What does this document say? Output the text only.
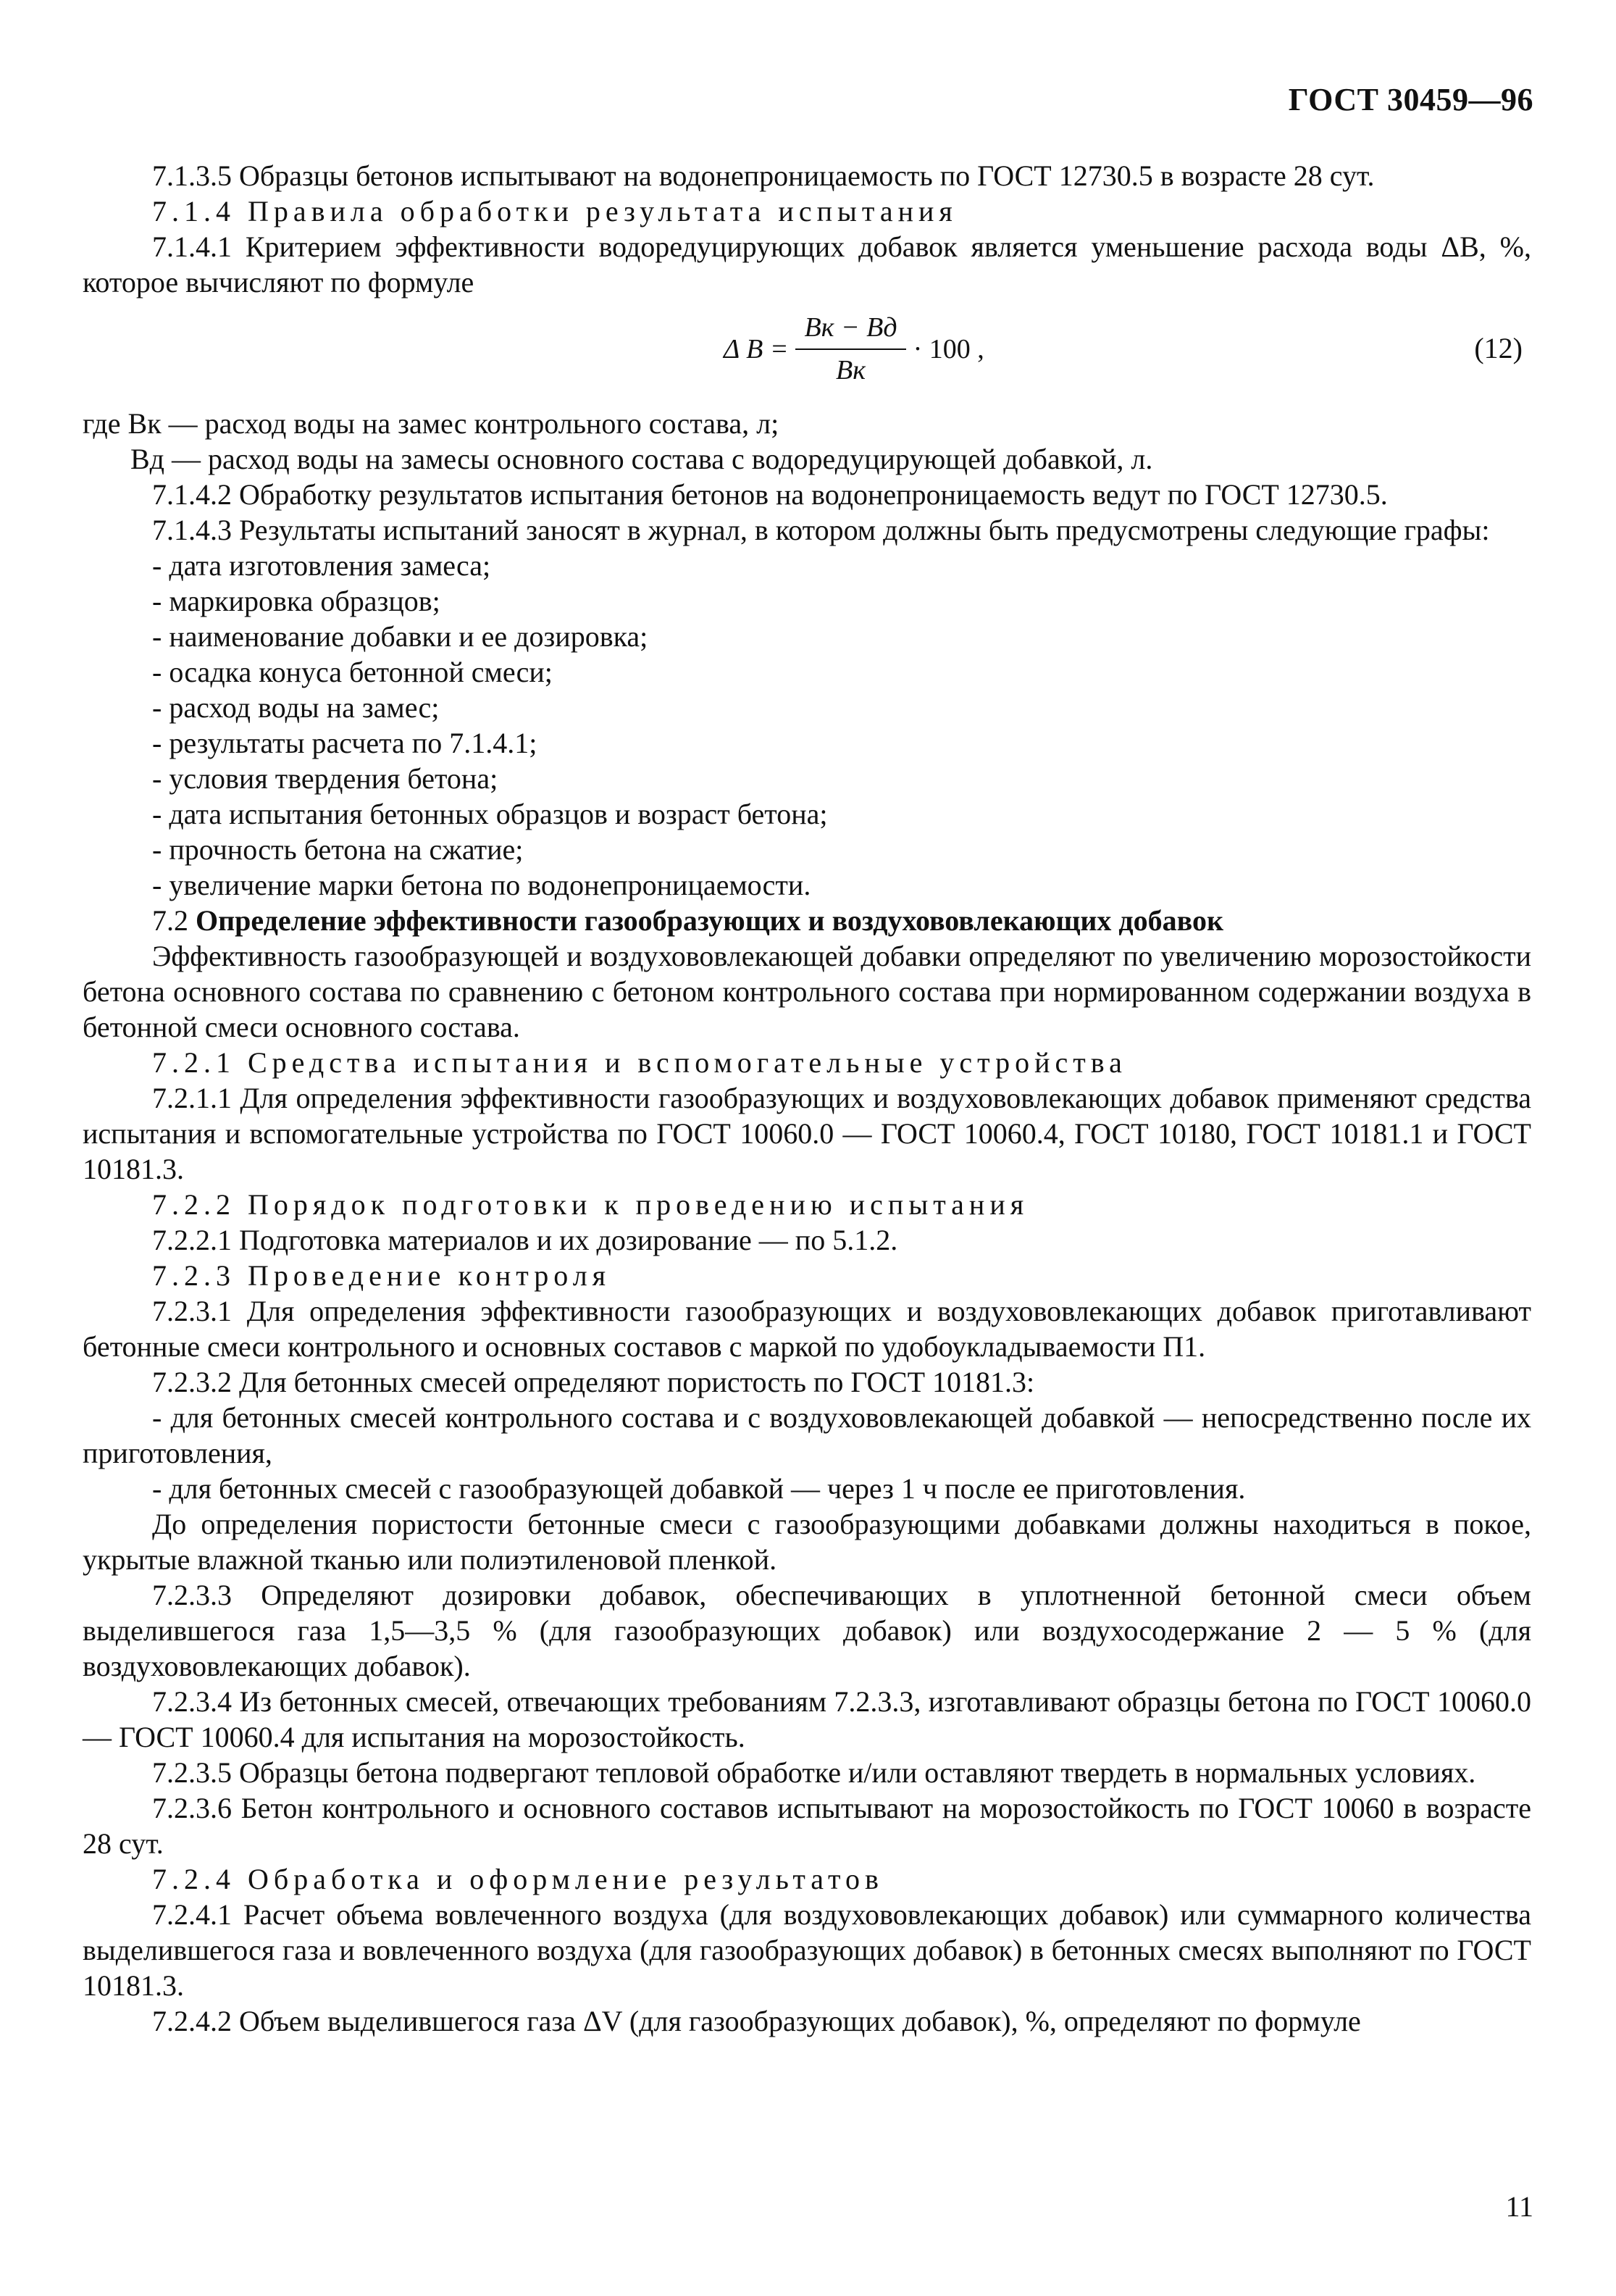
ГОСТ 30459—96

7.1.3.5 Образцы бетонов испытывают на водонепроницаемость по ГОСТ 12730.5 в возрасте 28 сут.

7.1.4 Правила обработки результата испытания

7.1.4.1 Критерием эффективности водоредуцирующих добавок является уменьшение расхода воды ΔB, %, которое вычисляют по формуле

Δ $B = \frac{Bк - Bд}{Bк} \cdot 100$ ,	(12)

где Bк — расход воды на замес контрольного состава, л;

Bд — расход воды на замесы основного состава с водоредуцирующей добавкой, л.

7.1.4.2 Обработку результатов испытания бетонов на водонепроницаемость ведут по ГОСТ 12730.5.

7.1.4.3 Результаты испытаний заносят в журнал, в котором должны быть предусмотрены следующие графы:

- дата изготовления замеса;
- маркировка образцов;
- наименование добавки и ее дозировка;
- осадка конуса бетонной смеси;
- расход воды на замес;
- результаты расчета по 7.1.4.1;
- условия твердения бетона;
- дата испытания бетонных образцов и возраст бетона;
- прочность бетона на сжатие;
- увеличение марки бетона по водонепроницаемости.

7.2 Определение эффективности газообразующих и воздухововлекающих добавок

Эффективность газообразующей и воздухововлекающей добавки определяют по увеличению морозостойкости бетона основного состава по сравнению с бетоном контрольного состава при нормированном содержании воздуха в бетонной смеси основного состава.

7.2.1 Средства испытания и вспомогательные устройства

7.2.1.1 Для определения эффективности газообразующих и воздухововлекающих добавок применяют средства испытания и вспомогательные устройства по ГОСТ 10060.0 — ГОСТ 10060.4, ГОСТ 10180, ГОСТ 10181.1 и ГОСТ 10181.3.

7.2.2 Порядок подготовки к проведению испытания

7.2.2.1 Подготовка материалов и их дозирование — по 5.1.2.

7.2.3 Проведение контроля

7.2.3.1 Для определения эффективности газообразующих и воздухововлекающих добавок приготавливают бетонные смеси контрольного и основных составов с маркой по удобоукладываемости П1.

7.2.3.2 Для бетонных смесей определяют пористость по ГОСТ 10181.3:

- для бетонных смесей контрольного состава и с воздухововлекающей добавкой — непосредственно после их приготовления,

- для бетонных смесей с газообразующей добавкой — через 1 ч после ее приготовления.

До определения пористости бетонные смеси с газообразующими добавками должны находиться в покое, укрытые влажной тканью или полиэтиленовой пленкой.

7.2.3.3 Определяют дозировки добавок, обеспечивающих в уплотненной бетонной смеси объем выделившегося газа 1,5—3,5 % (для газообразующих добавок) или воздухосодержание 2 — 5 % (для воздухововлекающих добавок).

7.2.3.4 Из бетонных смесей, отвечающих требованиям 7.2.3.3, изготавливают образцы бетона по ГОСТ 10060.0 — ГОСТ 10060.4 для испытания на морозостойкость.

7.2.3.5 Образцы бетона подвергают тепловой обработке и/или оставляют твердеть в нормальных условиях.

7.2.3.6 Бетон контрольного и основного составов испытывают на морозостойкость по ГОСТ 10060 в возрасте 28 сут.

7.2.4 Обработка и оформление результатов

7.2.4.1 Расчет объема вовлеченного воздуха (для воздухововлекающих добавок) или суммарного количества выделившегося газа и вовлеченного воздуха (для газообразующих добавок) в бетонных смесях выполняют по ГОСТ 10181.3.

7.2.4.2 Объем выделившегося газа ΔV (для газообразующих добавок), %, определяют по формуле

11
